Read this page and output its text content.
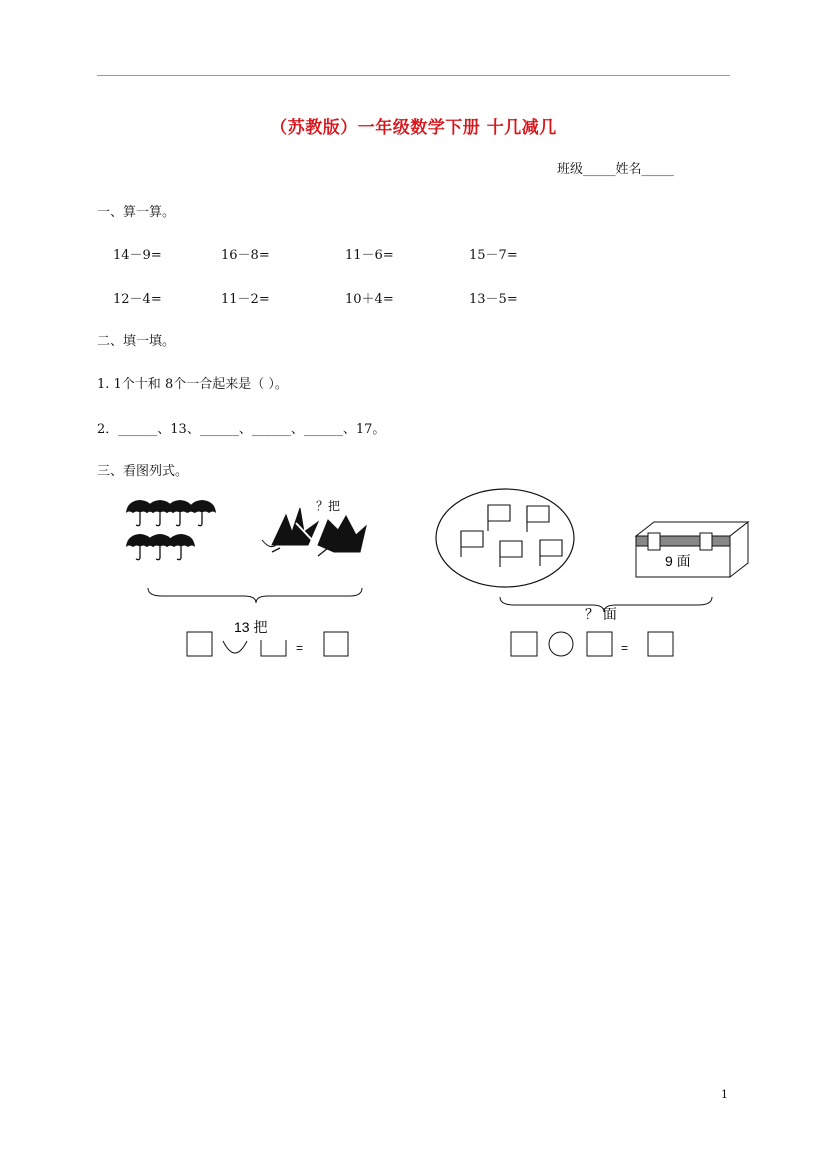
（苏教版）一年级数学下册 十几减几
班级_____姓名_____
一、算一算。
14－9=	16－8=	11－6=	15－7=
12－4=	11－2=	10＋4=	13－5=
二、填一填。
1. 1个十和 8个一合起来是（ ）。
2．______、13、______、______、______、17。
三、看图列式。
？把
13 把
=
9 面
？ 面
=
1
